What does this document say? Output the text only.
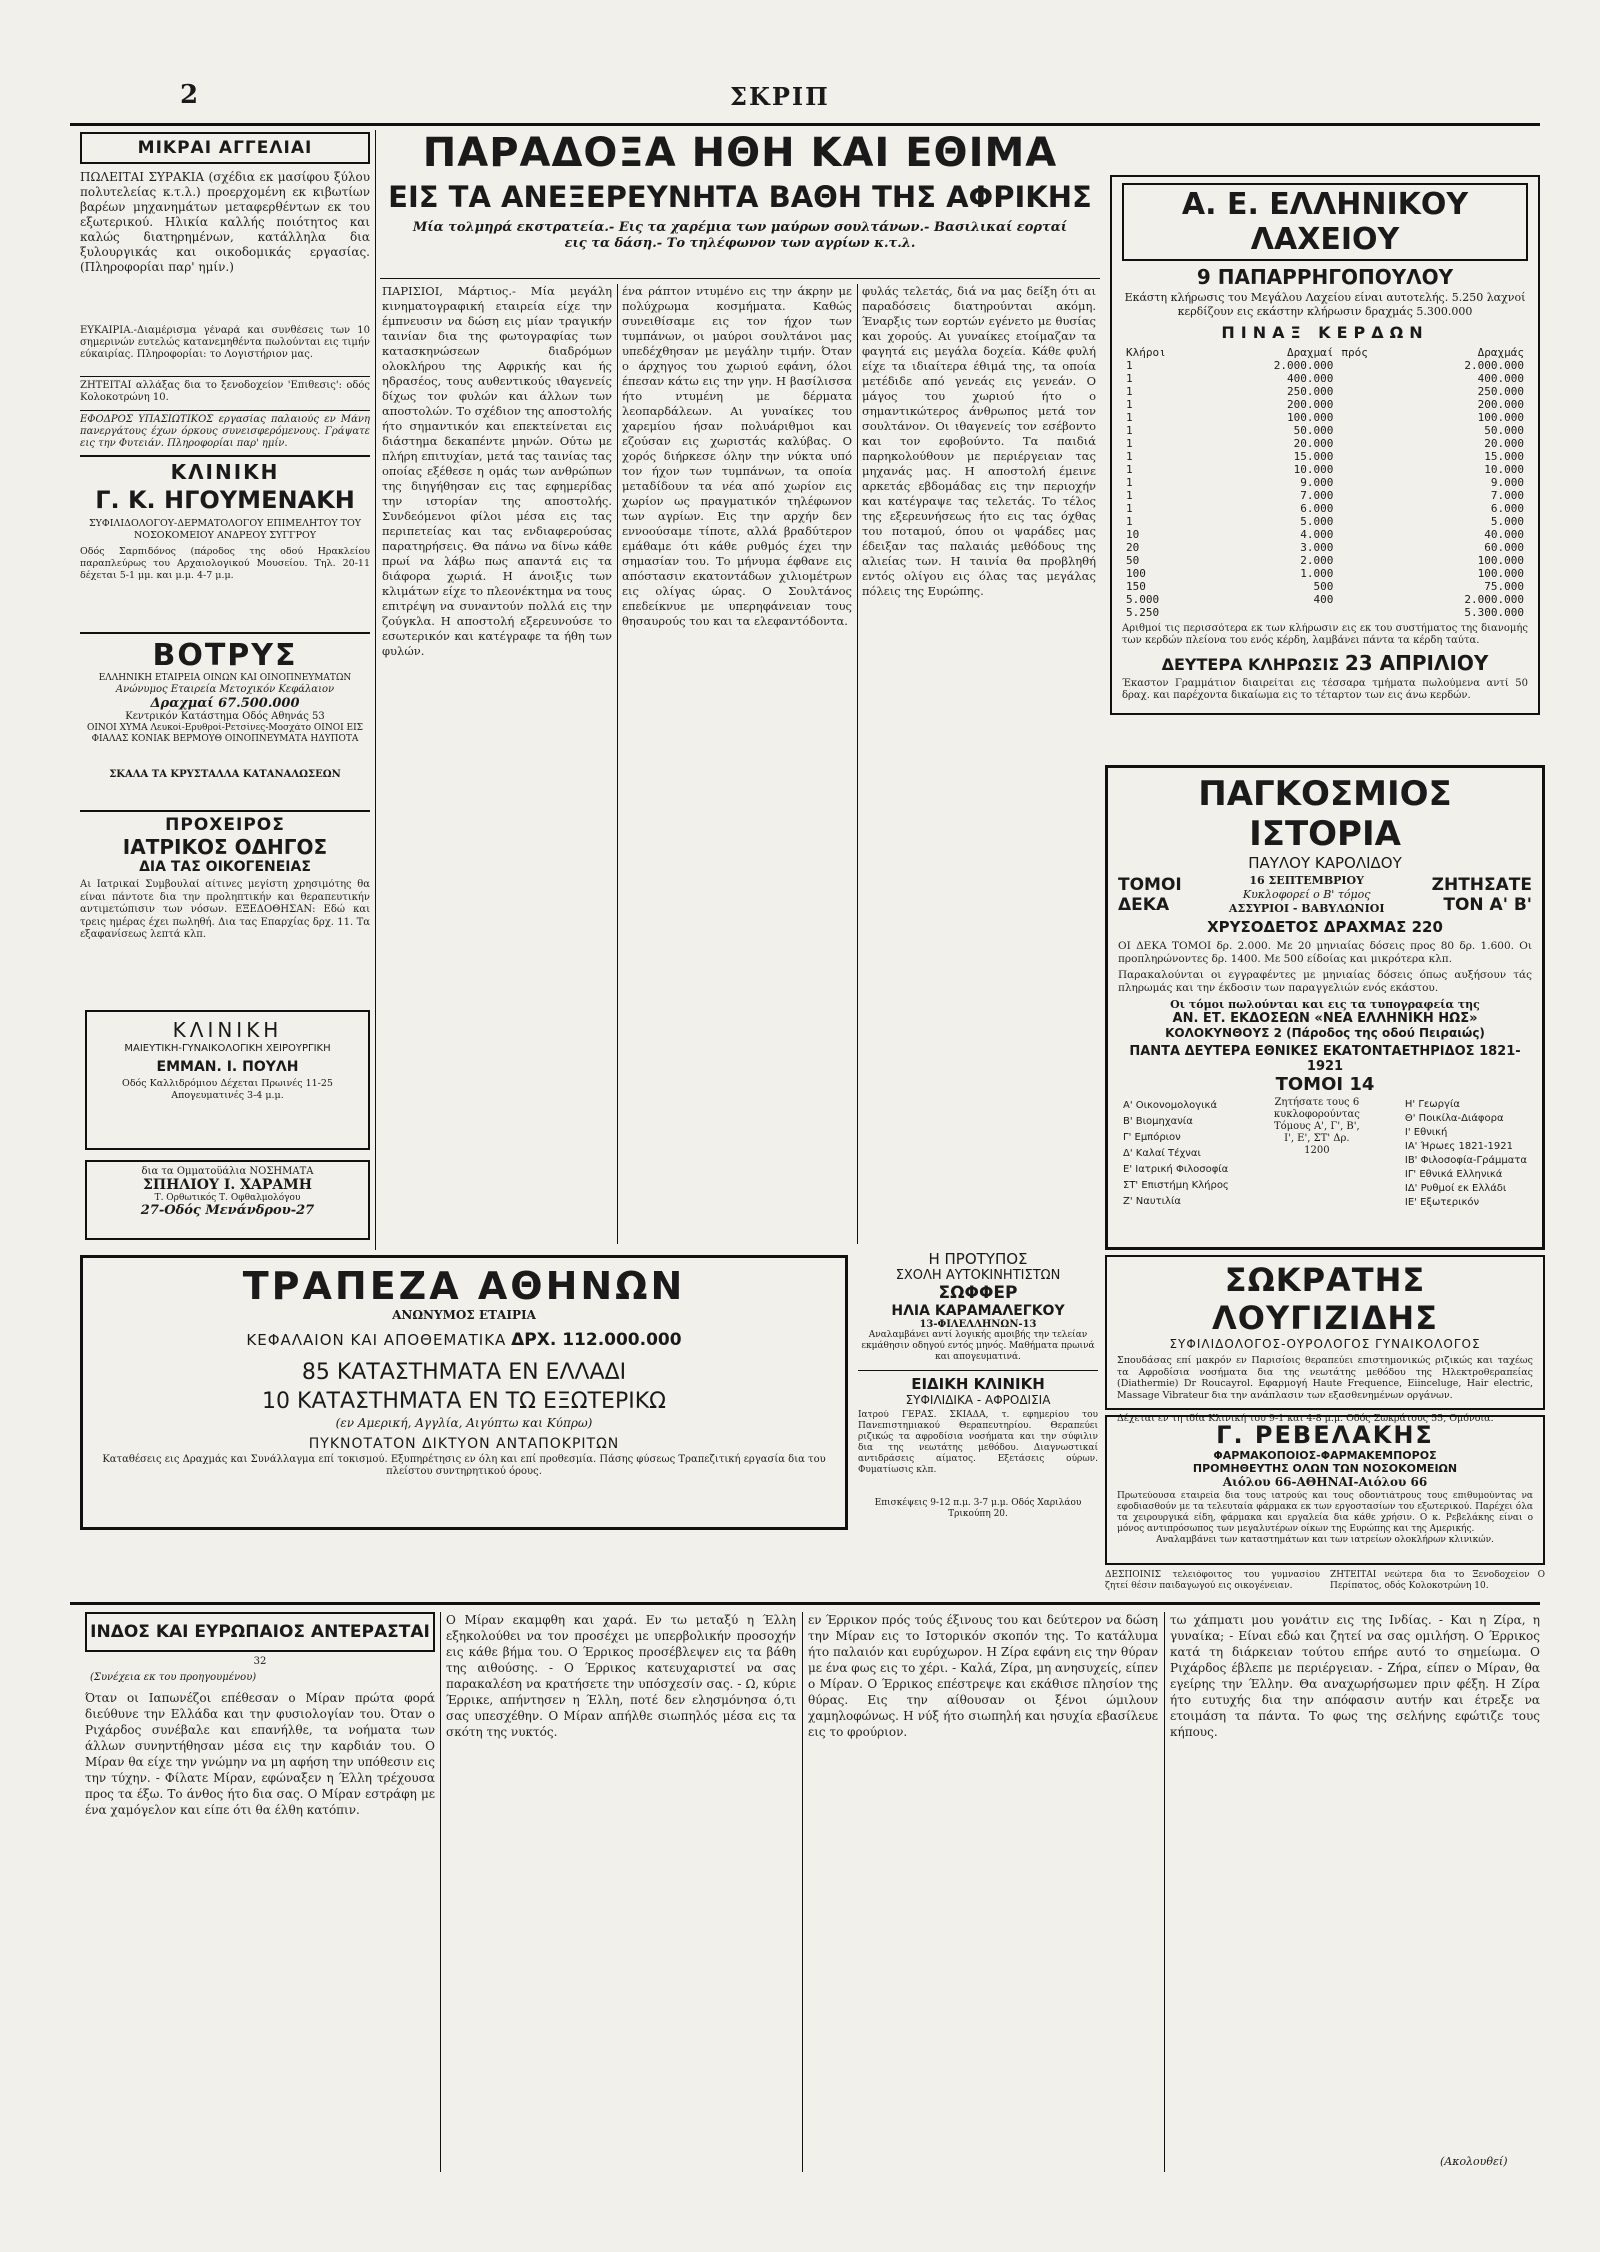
2	ΣΚΡΙΠ
ΜΙΚΡΑΙ ΑΓΓΕΛΙΑΙ
ΠΩΛΕΙΤΑΙ ΣΥΡΑΚΙΑ (σχέδια εκ μασίφου ξύλου πολυτελείας κ.τ.λ.) προερχομένη εκ κιβωτίων βαρέων μηχανημάτων μεταφερθέντων εκ του εξωτερικού. Ηλικία καλλής ποιότητος και καλώς διατηρημένων, κατάλληλα δια ξυλουργικάς και οικοδομικάς εργασίας. (Πληροφορίαι παρ' ημίν.)
ΕΥΚΑΙΡΙΑ.-Διαμέρισμα γέναρά και συνθέσεις των 10 σημερινών ευτελώς κατανεμηθέντα πωλούνται εις τιμήν εύκαιρίας. Πληροφορίαι: το Λογιστήριον μας.
ΖΗΤΕΙΤΑΙ αλλάξας δια το ξενοδοχείον 'Επιθεσις': οδός Κολοκοτρώνη 10.
ΕΦΟΔΡΟΣ ΥΠΑΣΙΩΤΙΚΟΣ εργασίας παλαιούς εν Μάνη πανεργάτους έχων όρκους συνεισφερόμενους. Γράψατε εις την Φυτειάν. Πληροφορίαι παρ' ημίν.
ΚΛΙΝΙΚΗ
Γ. Κ. ΗΓΟΥΜΕΝΑΚΗ
ΣΥΦΙΛΙΔΟΛΟΓΟΥ-ΔΕΡΜΑΤΟΛΟΓΟΥ ΕΠΙΜΕΛΗΤΟΥ ΤΟΥ ΝΟΣΟΚΟΜΕΙΟΥ ΑΝΔΡΕΟΥ ΣΥΓΓΡΟΥ
Οδός Σαρπιδόνος (πάροδος της οδού Ηρακλείου παραπλεύρως του Αρχαιολογικού Μουσείου. Τηλ. 20-11 δέχεται 5-1 μμ. και μ.μ. 4-7 μ.μ.
ΒΟΤΡΥΣ
ΕΛΛΗΝΙΚΗ ΕΤΑΙΡΕΙΑ ΟΙΝΩΝ ΚΑΙ ΟΙΝΟΠΝΕΥΜΑΤΩΝ
Ανώνυμος Εταιρεία Μετοχικόν Κεφάλαιον
Δραχμαί 67.500.000
Κεντρικόν Κατάστημα Οδός Αθηνάς 53
ΟΙΝΟΙ ΧΥΜΑ Λευκοί-Ερυθροί-Ρετσίνες-Μοσχάτο ΟΙΝΟΙ ΕΙΣ ΦΙΑΛΑΣ ΚΟΝΙΑΚ ΒΕΡΜΟΥΘ ΟΙΝΟΠΝΕΥΜΑΤΑ ΗΔΥΠΟΤΑ
ΣΚΑΛΑ ΤΑ ΚΡΥΣΤΑΛΛΑ ΚΑΤΑΝΑΛΩΣΕΩΝ
ΠΡΟΧΕΙΡΟΣ
ΙΑΤΡΙΚΟΣ ΟΔΗΓΟΣ
ΔΙΑ ΤΑΣ ΟΙΚΟΓΕΝΕΙΑΣ
Αι Ιατρικαί Συμβουλαί αίτινες μεγίστη χρησιμότης θα είναι πάντοτε δια την προληπτικήν και θεραπευτικήν αντιμετώπισιν των νόσων. ΕΞΕΔΟΘΗΣΑΝ: Εδώ και τρεις ημέρας έχει πωληθή. Δια τας Επαρχίας δρχ. 11. Τα εξαφανίσεως λεπτά κλπ.
ΚΛΙΝΙΚΗ
ΜΑΙΕΥΤΙΚΗ-ΓΥΝΑΙΚΟΛΟΓΙΚΗ ΧΕΙΡΟΥΡΓΙΚΗ
ΕΜΜΑΝ. Ι. ΠΟΥΛΗ
Οδός Καλλιδρόμιου Δέχεται Πρωινές 11-25 Απογευματινές 3-4 μ.μ.
δια τα Ομματοϋάλια ΝΟΣΗΜΑΤΑ
ΣΠΗΛΙΟΥ Ι. ΧΑΡΑΜΗ
Τ. Ορθωτικός Τ. Οφθαλμολόγου
27-Οδός Μενάνδρου-27
ΠΑΡΑΔΟΞΑ ΗΘΗ ΚΑΙ ΕΘΙΜΑ
ΕΙΣ ΤΑ ΑΝΕΞΕΡΕΥΝΗΤΑ ΒΑΘΗ ΤΗΣ ΑΦΡΙΚΗΣ
Μία τολμηρά εκστρατεία.- Εις τα χαρέμια των μαύρων σουλτάνων.- Βασιλικαί εορταί εις τα δάση.- Το τηλέφωνον των αγρίων κ.τ.λ.
ΠΑΡΙΣΙΟΙ, Μάρτιος.- Μία μεγάλη κινηματογραφική εταιρεία είχε την έμπνευσιν να δώση εις μίαν τραγικήν ταινίαν δια της φωτογραφίας των κατασκηνώσεων διαδρόμων ολοκλήρου της Αφρικής και ής ηδρασέος, τους αυθεντικούς ιθαγενείς δίχως τον φυλών και άλλων των αποστολών. Το σχέδιον της αποστολής ήτο σημαντικόν και επεκτείνεται εις διάστημα δεκαπέντε μηνών. Ούτω με πλήρη επιτυχίαν, μετά τας ταινίας τας οποίας εξέθεσε η ομάς των ανθρώπων της διηγήθησαν εις τας εφημερίδας την ιστορίαν της αποστολής. Συνδεόμενοι φίλοι μέσα εις τας περιπετείας και τας ενδιαφερούσας παρατηρήσεις. Θα πάνω να δίνω κάθε πρωί να λάβω πως απαντά εις τα διάφορα χωριά. Η άνοιξις των κλιμάτων είχε το πλεονέκτημα να τους επιτρέψη να συναντούν πολλά εις την ζούγκλα. Η αποστολή εξερευνούσε το εσωτερικόν και κατέγραφε τα ήθη των φυλών.
ένα ράπτον ντυμένο εις την άκρην με πολύχρωμα κοσμήματα. Καθώς συνειθίσαμε εις τον ήχον των τυμπάνων, οι μαύροι σουλτάνοι μας υπεδέχθησαν με μεγάλην τιμήν. Όταν ο άρχηγος του χωριού εφάνη, όλοι έπεσαν κάτω εις την γην. Η βασίλισσα ήτο ντυμένη με δέρματα λεοπαρδάλεων. Αι γυναίκες του χαρεμίου ήσαν πολυάριθμοι και εζούσαν εις χωριστάς καλύβας. Ο χορός διήρκεσε όλην την νύκτα υπό τον ήχον των τυμπάνων, τα οποία μεταδίδουν τα νέα από χωρίον εις χωρίον ως πραγματικόν τηλέφωνον των αγρίων. Εις την αρχήν δεν εννοούσαμε τίποτε, αλλά βραδύτερον εμάθαμε ότι κάθε ρυθμός έχει την σημασίαν του. Το μήνυμα έφθανε εις απόστασιν εκατοντάδων χιλιομέτρων εις ολίγας ώρας. Ο Σουλτάνος επεδείκνυε με υπερηφάνειαν τους θησαυρούς του και τα ελεφαντόδοντα.
φυλάς τελετάς, διά να μας δείξη ότι αι παραδόσεις διατηρούνται ακόμη. Έναρξις των εορτών εγένετο με θυσίας και χορούς. Αι γυναίκες ετοίμαζαν τα φαγητά εις μεγάλα δοχεία. Κάθε φυλή είχε τα ιδιαίτερα έθιμά της, τα οποία μετέδιδε από γενεάς εις γενεάν. Ο μάγος του χωριού ήτο ο σημαντικώτερος άνθρωπος μετά τον σουλτάνον. Οι ιθαγενείς τον εσέβοντο και τον εφοβούντο. Τα παιδιά παρηκολούθουν με περιέργειαν τας μηχανάς μας. Η αποστολή έμεινε αρκετάς εβδομάδας εις την περιοχήν και κατέγραψε τας τελετάς. Το τέλος της εξερευνήσεως ήτο εις τας όχθας του ποταμού, όπου οι ψαράδες μας έδειξαν τας παλαιάς μεθόδους της αλιείας των. Η ταινία θα προβληθή εντός ολίγου εις όλας τας μεγάλας πόλεις της Ευρώπης.
Α. Ε. ΕΛΛΗΝΙΚΟΥ ΛΑΧΕΙΟΥ
9 ΠΑΠΑΡΡΗΓΟΠΟΥΛΟΥ
Εκάστη κλήρωσις του Μεγάλου Λαχείου είναι αυτοτελής. 5.250 λαχνοί κερδίζουν εις εκάστην κλήρωσιν δραχμάς 5.300.000
ΠΙΝΑΞ ΚΕΡΔΩΝ
Κλήροι	Δραχμαί	πρός	Δραχμάς
1	2.000.000		2.000.000
1	400.000		400.000
1	250.000		250.000
1	200.000		200.000
1	100.000		100.000
1	50.000		50.000
1	20.000		20.000
1	15.000		15.000
1	10.000		10.000
1	9.000		9.000
1	7.000		7.000
1	6.000		6.000
1	5.000		5.000
10	4.000		40.000
20	3.000		60.000
50	2.000		100.000
100	1.000		100.000
150	500		75.000
5.000	400		2.000.000
5.250			5.300.000
Αριθμοί τις περισσότερα εκ των κλήρωσιν εις εκ του συστήματος της διανομής των κερδών πλείονα του ενός κέρδη, λαμβάνει πάντα τα κέρδη ταύτα.
ΔΕΥΤΕΡΑ ΚΛΗΡΩΣΙΣ 23 ΑΠΡΙΛΙΟΥ
Έκαστον Γραμμάτιον διαιρείται εις τέσσαρα τμήματα πωλούμενα αντί 50 δραχ. και παρέχοντα δικαίωμα εις το τέταρτον των εις άνω κερδών.
ΠΑΓΚΟΣΜΙΟΣ ΙΣΤΟΡΙΑ
ΠΑΥΛΟΥ ΚΑΡΟΛΙΔΟΥ
ΤΟΜΟΙ
ΔΕΚΑ
16 ΣΕΠΤΕΜΒΡΙΟΥ
Κυκλοφορεί ο Β' τόμος
ΑΣΣΥΡΙΟΙ - ΒΑΒΥΛΩΝΙΟΙ
ΖΗΤΗΣΑΤΕ
ΤΟΝ Α' Β'
ΧΡΥΣΟΔΕΤΟΣ ΔΡΑΧΜΑΣ 220
ΟΙ ΔΕΚΑ ΤΟΜΟΙ δρ. 2.000. Με 20 μηνιαίας δόσεις προς 80 δρ. 1.600. Οι προπληρώνοντες δρ. 1400. Με 500 είδοίας και μικρότερα κλπ.
Παρακαλούνται οι εγγραφέντες με μηνιαίας δόσεις όπως αυξήσουν τάς πληρωμάς και την έκδοσιν των παραγγελιών ενός εκάστου.
Οι τόμοι πωλούνται και εις τα τυπογραφεία της
ΑΝ. ΕΤ. ΕΚΔΟΣΕΩΝ «ΝΕΑ ΕΛΛΗΝΙΚΗ ΗΩΣ»
ΚΟΛΟΚΥΝΘΟΥΣ 2 (Πάροδος της οδού Πειραιώς)
ΠΑΝΤΑ ΔΕΥΤΕΡΑ ΕΘΝΙΚΕΣ ΕΚΑΤΟΝΤΑΕΤΗΡΙΔΟΣ 1821-1921
ΤΟΜΟΙ 14
Α' Οικονομολογικά
Β' Βιομηχανία
Γ' Εμπόριον
Δ' Καλαί Τέχναι
Ε' Ιατρική Φιλοσοφία
ΣΤ' Επιστήμη Κλήρος
Ζ' Ναυτιλία
Ζητήσατε τους 6 κυκλοφορούντας Τόμους Α', Γ', Β', Ι', Ε', ΣΤ' Δρ. 1200
Η' Γεωργία
Θ' Ποικίλα-Διάφορα
Ι' Εθνική
ΙΑ' Ήρωες 1821-1921
ΙΒ' Φιλοσοφία-Γράμματα
ΙΓ' Εθνικά Ελληνικά
ΙΔ' Ρυθμοί εκ Ελλάδι
ΙΕ' Εξωτερικόν
ΣΩΚΡΑΤΗΣ ΛΟΥΓΙΖΙΔΗΣ
ΣΥΦΙΛΙΔΟΛΟΓΟΣ-ΟΥΡΟΛΟΓΟΣ ΓΥΝΑΙΚΟΛΟΓΟΣ
Σπουδάσας επί μακρόν εν Παρισίοις θεραπεύει επιστημονικώς ριζικώς και ταχέως τα Αφροδίσια νοσήματα δια της νεωτάτης μεθόδου της Ηλεκτροθεραπείας (Diathermie) Dr Roucayrol. Εφαρμογή Haute Frequence, Eiinceluge, Hair electric, Massage Vibrateur δια την ανάπλασιν των εξασθενημένων οργάνων.
Δέχεται εν τη ιδία Κλινική του 9-1 και 4-8 μ.μ. Οδός Σωκράτους 55, Ομόνοια.
ΤΡΑΠΕΖΑ ΑΘΗΝΩΝ
ΑΝΩΝΥΜΟΣ ΕΤΑΙΡΙΑ
ΚΕΦΑΛΑΙΟΝ ΚΑΙ ΑΠΟΘΕΜΑΤΙΚΑ ΔΡΧ. 112.000.000
85 ΚΑΤΑΣΤΗΜΑΤΑ ΕΝ ΕΛΛΑΔΙ
10 ΚΑΤΑΣΤΗΜΑΤΑ ΕΝ ΤΩ ΕΞΩΤΕΡΙΚΩ
(εν Αμερική, Αγγλία, Αιγύπτω και Κύπρω)
ΠΥΚΝΟΤΑΤΟΝ ΔΙΚΤΥΟΝ ΑΝΤΑΠΟΚΡΙΤΩΝ
Καταθέσεις εις Δραχμάς και Συνάλλαγμα επί τοκισμού. Εξυπηρέτησις εν όλη και επί προθεσμία. Πάσης φύσεως Τραπεζιτική εργασία δια του πλείστου συντηρητικού όρους.
Η ΠΡΟΤΥΠΟΣ
ΣΧΟΛΗ ΑΥΤΟΚΙΝΗΤΙΣΤΩΝ
ΣΩΦΦΕΡ
ΗΛΙΑ ΚΑΡΑΜΑΛΕΓΚΟΥ
13-ΦΙΛΕΛΛΗΝΩΝ-13
Αναλαμβάνει αντί λογικής αμοιβής την τελείαν εκμάθησιν οδηγού εντός μηνός. Μαθήματα πρωινά και απογευματινά.
ΕΙΔΙΚΗ ΚΛΙΝΙΚΗ
ΣΥΦΙΛΙΔΙΚΑ - ΑΦΡΟΔΙΣΙΑ
Ιατρού ΓΕΡΑΣ. ΣΚΙΑΔΑ, τ. εφημερίου του Πανεπιστημιακού Θεραπευτηρίου. Θεραπεύει ριζικώς τα αφροδίσια νοσήματα και την σύφιλιν δια της νεωτάτης μεθόδου. Διαγνωστικαί αντιδράσεις αίματος. Εξετάσεις ούρων. Φυματίωσις κλπ.
Επισκέψεις 9-12 π.μ. 3-7 μ.μ. Οδός Χαριλάου Τρικούπη 20.
Γ. ΡΕΒΕΛΑΚΗΣ
ΦΑΡΜΑΚΟΠΟΙΟΣ-ΦΑΡΜΑΚΕΜΠΟΡΟΣ
ΠΡΟΜΗΘΕΥΤΗΣ ΟΛΩΝ ΤΩΝ ΝΟΣΟΚΟΜΕΙΩΝ
Αιόλου 66-ΑΘΗΝΑΙ-Αιόλου 66
Πρωτεύουσα εταιρεία δια τους ιατρούς και τους οδοντιάτρους τους επιθυμούντας να εφοδιασθούν με τα τελευταία φάρμακα εκ των εργοστασίων του εξωτερικού. Παρέχει όλα τα χειρουργικά είδη, φάρμακα και εργαλεία δια κάθε χρήσιν. Ο κ. Ρεβελάκης είναι ο μόνος αντιπρόσωπος των μεγαλυτέρων οίκων της Ευρώπης και της Αμερικής.
Αναλαμβάνει των καταστημάτων και των ιατρείων ολοκλήρων κλινικών.
ΔΕΣΠΟΙΝΙΣ τελειόφοιτος του γυμνασίου ζητεί θέσιν παιδαγωγού εις οικογένειαν.
ΖΗΤΕΙΤΑΙ νεώτερα δια το Ξενοδοχείον Ο Περίπατος, οδός Κολοκοτρώνη 10.
ΙΝΔΟΣ ΚΑΙ ΕΥΡΩΠΑΙΟΣ ΑΝΤΕΡΑΣΤΑΙ
32
(Συνέχεια εκ του προηγουμένου)
Όταν οι Ιαπωνέζοι επέθεσαν ο Μίραν πρώτα φορά διεύθυνε την Ελλάδα και την φυσιολογίαν του. Όταν ο Ριχάρδος συνέβαλε και επανήλθε, τα νοήματα των άλλων συνηντήθησαν μέσα εις την καρδιάν του. Ο Μίραν θα είχε την γνώμην να μη αφήση την υπόθεσιν εις την τύχην. - Φίλατε Μίραν, εφώναξεν η Έλλη τρέχουσα προς τα έξω. Το άνθος ήτο δια σας. Ο Μίραν εστράφη με ένα χαμόγελον και είπε ότι θα έλθη κατόπιν.
Ο Μίραν εκαμφθη και χαρά. Εν τω μεταξύ η Έλλη εξηκολούθει να τον προσέχει με υπερβολικήν προσοχήν εις κάθε βήμα του. Ο Έρρικος προσέβλεψεν εις τα βάθη της αιθούσης. - Ο Έρρικος κατευχαριστεί να σας παρακαλέση να κρατήσετε την υπόσχεσίν σας. - Ω, κύριε Έρρικε, απήντησεν η Έλλη, ποτέ δεν ελησμόνησα ό,τι σας υπεσχέθην. Ο Μίραν απήλθε σιωπηλός μέσα εις τα σκότη της νυκτός.
εν Έρρικον πρός τούς έξινους του και δεύτερον να δώση την Μίραν εις το Ιστορικόν σκοπόν της. Το κατάλυμα ήτο παλαιόν και ευρύχωρον. Η Ζίρα εφάνη εις την θύραν με ένα φως εις το χέρι. - Καλά, Ζίρα, μη ανησυχείς, είπεν ο Μίραν. Ο Έρρικος επέστρεψε και εκάθισε πλησίον της θύρας. Εις την αίθουσαν οι ξένοι ώμιλουν χαμηλοφώνως. Η νύξ ήτο σιωπηλή και ησυχία εβασίλευε εις το φρούριον.
τω χάπματι μου γονάτιν εις της Ινδίας. - Και η Ζίρα, η γυναίκα; - Είναι εδώ και ζητεί να σας ομιλήση. Ο Έρρικος κατά τη διάρκειαν τούτου επήρε αυτό το σημείωμα. Ο Ριχάρδος έβλεπε με περιέργειαν. - Ζήρα, είπεν ο Μίραν, θα εγείρης την Έλλην. Θα αναχωρήσωμεν πριν φέξη. Η Ζίρα ήτο ευτυχής δια την απόφασιν αυτήν και έτρεξε να ετοιμάση τα πάντα. Το φως της σελήνης εφώτιζε τους κήπους.
(Ακολουθεί)
